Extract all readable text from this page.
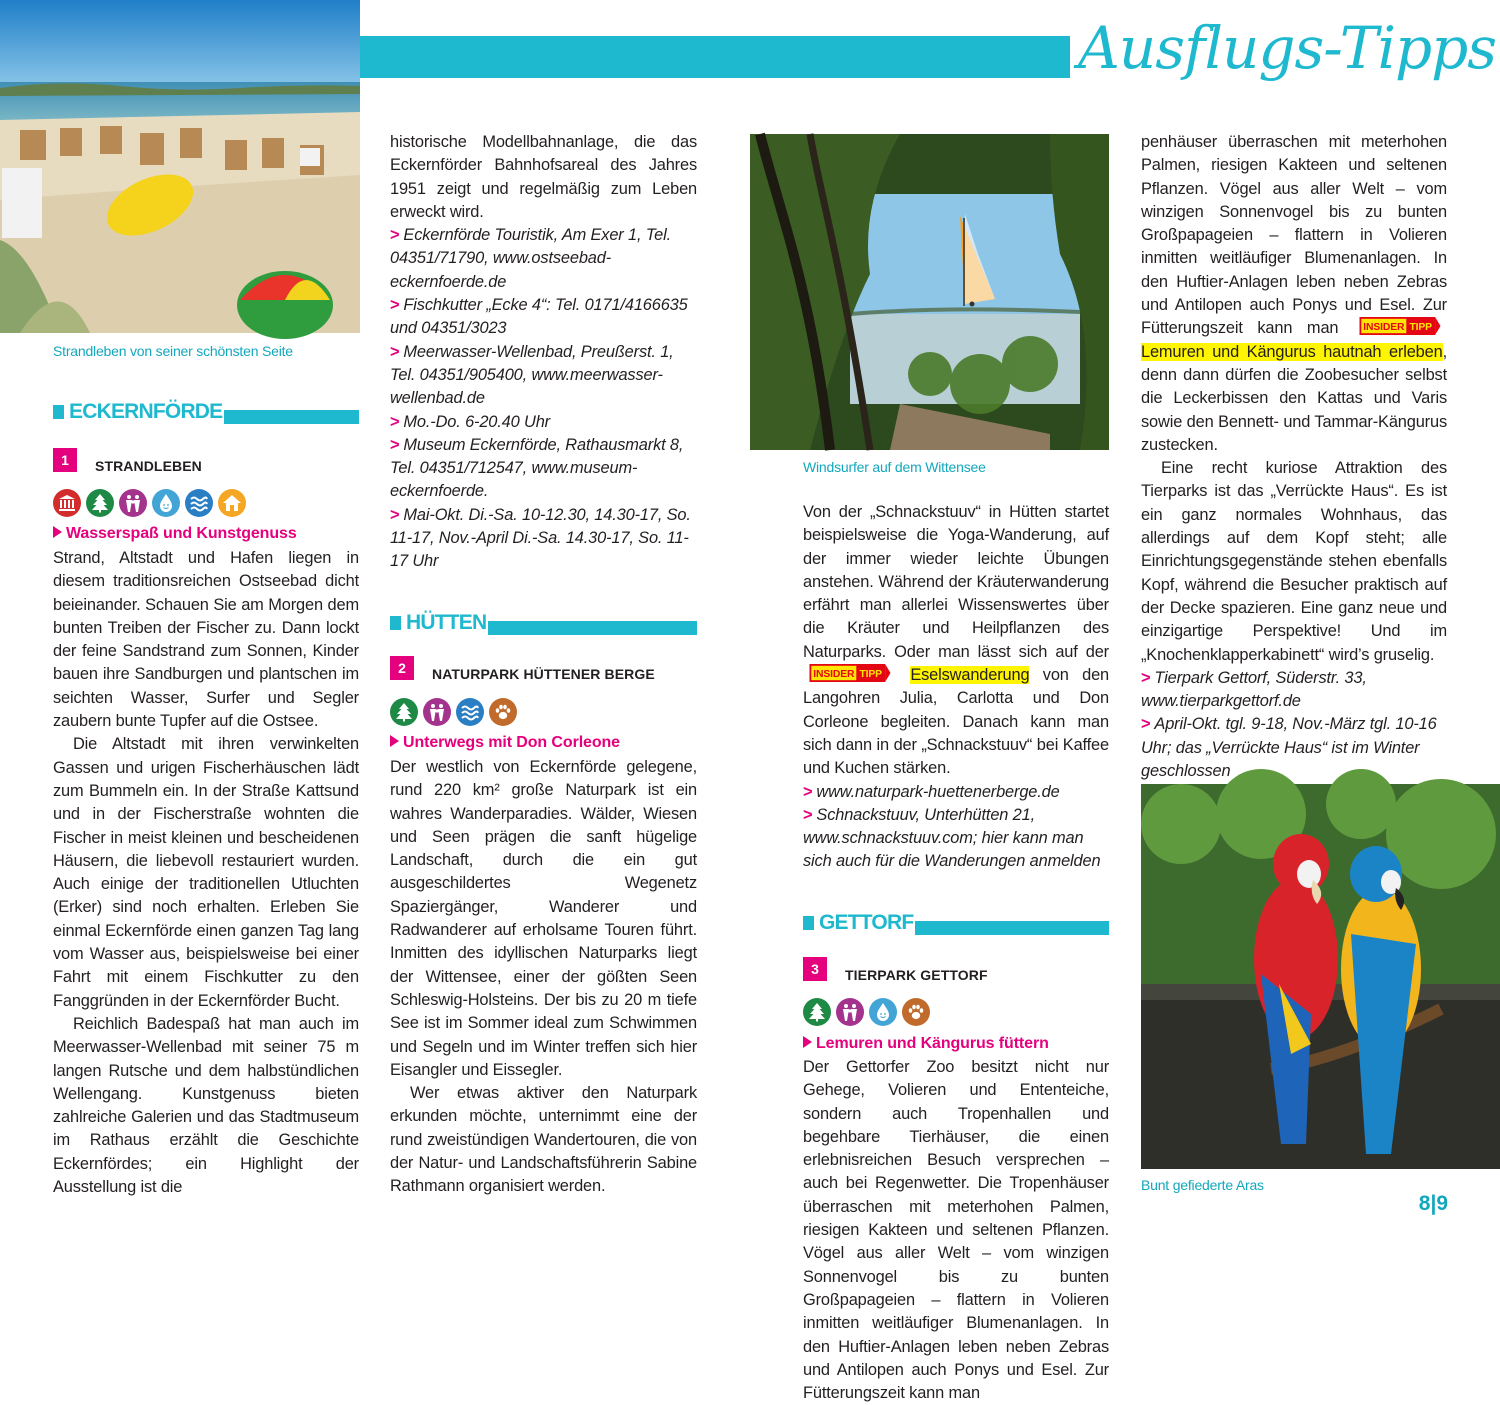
Ausflugs-Tipps
Strandleben von seiner schönsten Seite
ECKERNFÖRDE
1	STRANDLEBEN
Wasserspaß und Kunstgenuss

Strand, Altstadt und Hafen liegen in diesem traditionsreichen Ostseebad dicht beieinander. Schauen Sie am Morgen dem bunten Treiben der Fischer zu. Dann lockt der feine Sandstrand zum Sonnen, Kinder bauen ihre Sandburgen und plantschen im seichten Wasser, Surfer und Segler zaubern bunte Tupfer auf die Ostsee.

Die Altstadt mit ihren verwinkelten Gassen und urigen Fischerhäuschen lädt zum Bummeln ein. In der Straße Kattsund und in der Fischerstraße wohnten die Fischer in meist kleinen und bescheidenen Häusern, die liebevoll restauriert wurden. Auch einige der traditionellen Utluchten (Erker) sind noch erhalten. Erleben Sie einmal Eckernförde einen ganzen Tag lang vom Wasser aus, beispielsweise bei einer Fahrt mit einem Fischkutter zu den Fanggründen in der Eckernförder Bucht.

Reichlich Badespaß hat man auch im Meerwasser-Wellenbad mit seiner 75 m langen Rutsche und dem halbstündlichen Wellengang. Kunstgenuss bieten zahlreiche Galerien und das Stadtmuseum im Rathaus erzählt die Geschichte Eckernfördes; ein Highlight der Ausstellung ist die

historische Modellbahnanlage, die das Eckernförder Bahnhofsareal des Jahres 1951 zeigt und regelmäßig zum Leben erweckt wird.

> Eckernförde Touristik, Am Exer 1, Tel. 04351/71790, www.ostseebad-eckernfoerde.de
> Fischkutter „Ecke 4“: Tel. 0171/4166635 und 04351/3023
> Meerwasser-Wellenbad, Preußerst. 1, Tel. 04351/905400, www.meerwasser-wellenbad.de
> Mo.-Do. 6-20.40 Uhr
> Museum Eckernförde, Rathausmarkt 8, Tel. 04351/712547, www.museum-eckernfoerde.
> Mai-Okt. Di.-Sa. 10-12.30, 14.30-17, So. 11-17, Nov.-April Di.-Sa. 14.30-17, So. 11-17 Uhr
HÜTTEN
2	NATURPARK HÜTTENER BERGE
Unterwegs mit Don Corleone

Der westlich von Eckernförde gelegene, rund 220 km² große Naturpark ist ein wahres Wanderparadies. Wälder, Wiesen und Seen prägen die sanft hügelige Landschaft, durch die ein gut ausgeschildertes Wegenetz Spaziergänger, Wanderer und Radwanderer auf erholsame Touren führt. Inmitten des idyllischen Naturparks liegt der Wittensee, einer der gößten Seen Schleswig-Holsteins. Der bis zu 20 m tiefe See ist im Sommer ideal zum Schwimmen und Segeln und im Winter treffen sich hier Eisangler und Eissegler.

Wer etwas aktiver den Naturpark erkunden möchte, unternimmt eine der rund zweistündigen Wandertouren, die von der Natur- und Landschaftsführerin Sabine Rathmann organisiert werden.

Windsurfer auf dem Wittensee

Von der „Schnackstuuv“ in Hütten startet beispielsweise die Yoga-Wanderung, auf der immer wieder leichte Übungen anstehen. Während der Kräuterwanderung erfährt man allerlei Wissenswertes über die Kräuter und Heilpflanzen des Naturparks. Oder man lässt sich auf der
INSIDER TIPP Eselswanderung von den Langohren Julia, Carlotta und Don Corleone begleiten. Danach kann man sich dann in der „Schnackstuuv“ bei Kaffee und Kuchen stärken.

> www.naturpark-huettenerberge.de
> Schnackstuuv, Unterhütten 21, www.schnackstuuv.com; hier kann man sich auch für die Wanderungen anmelden
GETTORF
3	TIERPARK GETTORF
Lemuren und Kängurus füttern

Der Gettorfer Zoo besitzt nicht nur Gehege, Volieren und Ententeiche, sondern auch Tropenhallen und begehbare Tierhäuser, die einen erlebnisreichen Besuch versprechen – auch bei Regenwetter. Die Tropenhäuser überraschen mit meterhohen Palmen, riesigen Kakteen und seltenen Pflanzen. Vögel aus aller Welt – vom winzigen Sonnenvogel bis zu bunten Großpapageien – flattern in Volieren inmitten weitläufiger Blumenanlagen. In den Huftier-Anlagen leben neben Zebras und Antilopen auch Ponys und Esel. Zur Fütterungszeit kann man

penhäuser überraschen mit meterhohen Palmen, riesigen Kakteen und seltenen Pflanzen. Vögel aus aller Welt – vom winzigen Sonnenvogel bis zu bunten Großpapageien – flattern in Volieren inmitten weitläufiger Blumenanlagen. In den Huftier-Anlagen leben neben Zebras und Antilopen auch Ponys und Esel. Zur Fütterungszeit kann man INSIDER TIPP
Lemuren und Kängurus hautnah erleben, denn dann dürfen die Zoobesucher selbst die Leckerbissen den Kattas und Varis sowie den Bennett- und Tammar-Kängurus zustecken.

Eine recht kuriose Attraktion des Tierparks ist das „Verrückte Haus“. Es ist ein ganz normales Wohnhaus, das allerdings auf dem Kopf steht; alle Einrichtungsgegenstände stehen ebenfalls Kopf, während die Besucher praktisch auf der Decke spazieren. Eine ganz neue und einzigartige Perspektive! Und im „Knochenklapperkabinett“ wird’s gruselig.

> Tierpark Gettorf, Süderstr. 33, www.tierparkgettorf.de
> April-Okt. tgl. 9-18, Nov.-März tgl. 10-16 Uhr; das „Verrückte Haus“ ist im Winter geschlossen
Bunt gefiederte Aras
8|9
